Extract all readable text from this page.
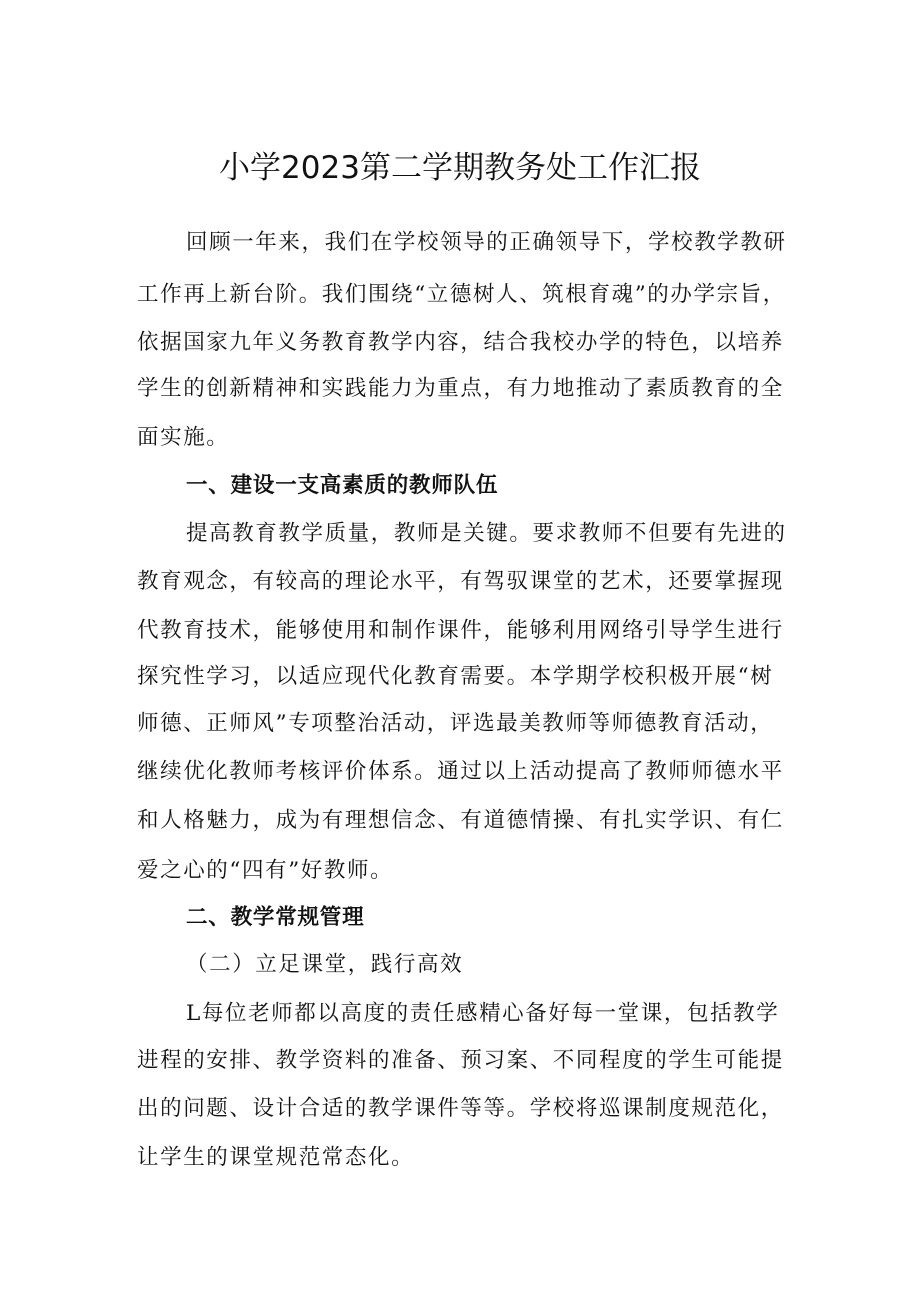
小学2023第二学期教务处工作汇报
回顾一年来，我们在学校领导的正确领导下，学校教学教研
工作再上新台阶。我们围绕“立德树人、筑根育魂”的办学宗旨，
依据国家九年义务教育教学内容，结合我校办学的特色，以培养
学生的创新精神和实践能力为重点，有力地推动了素质教育的全
面实施。
一、建设一支高素质的教师队伍
提高教育教学质量，教师是关键。要求教师不但要有先进的
教育观念，有较高的理论水平，有驾驭课堂的艺术，还要掌握现
代教育技术，能够使用和制作课件，能够利用网络引导学生进行
探究性学习，以适应现代化教育需要。本学期学校积极开展“树
师德、正师风”专项整治活动，评选最美教师等师德教育活动，
继续优化教师考核评价体系。通过以上活动提高了教师师德水平
和人格魅力，成为有理想信念、有道德情操、有扎实学识、有仁
爱之心的“四有”好教师。
二、教学常规管理
（二）立足课堂，践行高效
L每位老师都以高度的责任感精心备好每一堂课，包括教学
进程的安排、教学资料的准备、预习案、不同程度的学生可能提
出的问题、设计合适的教学课件等等。学校将巡课制度规范化，
让学生的课堂规范常态化。
